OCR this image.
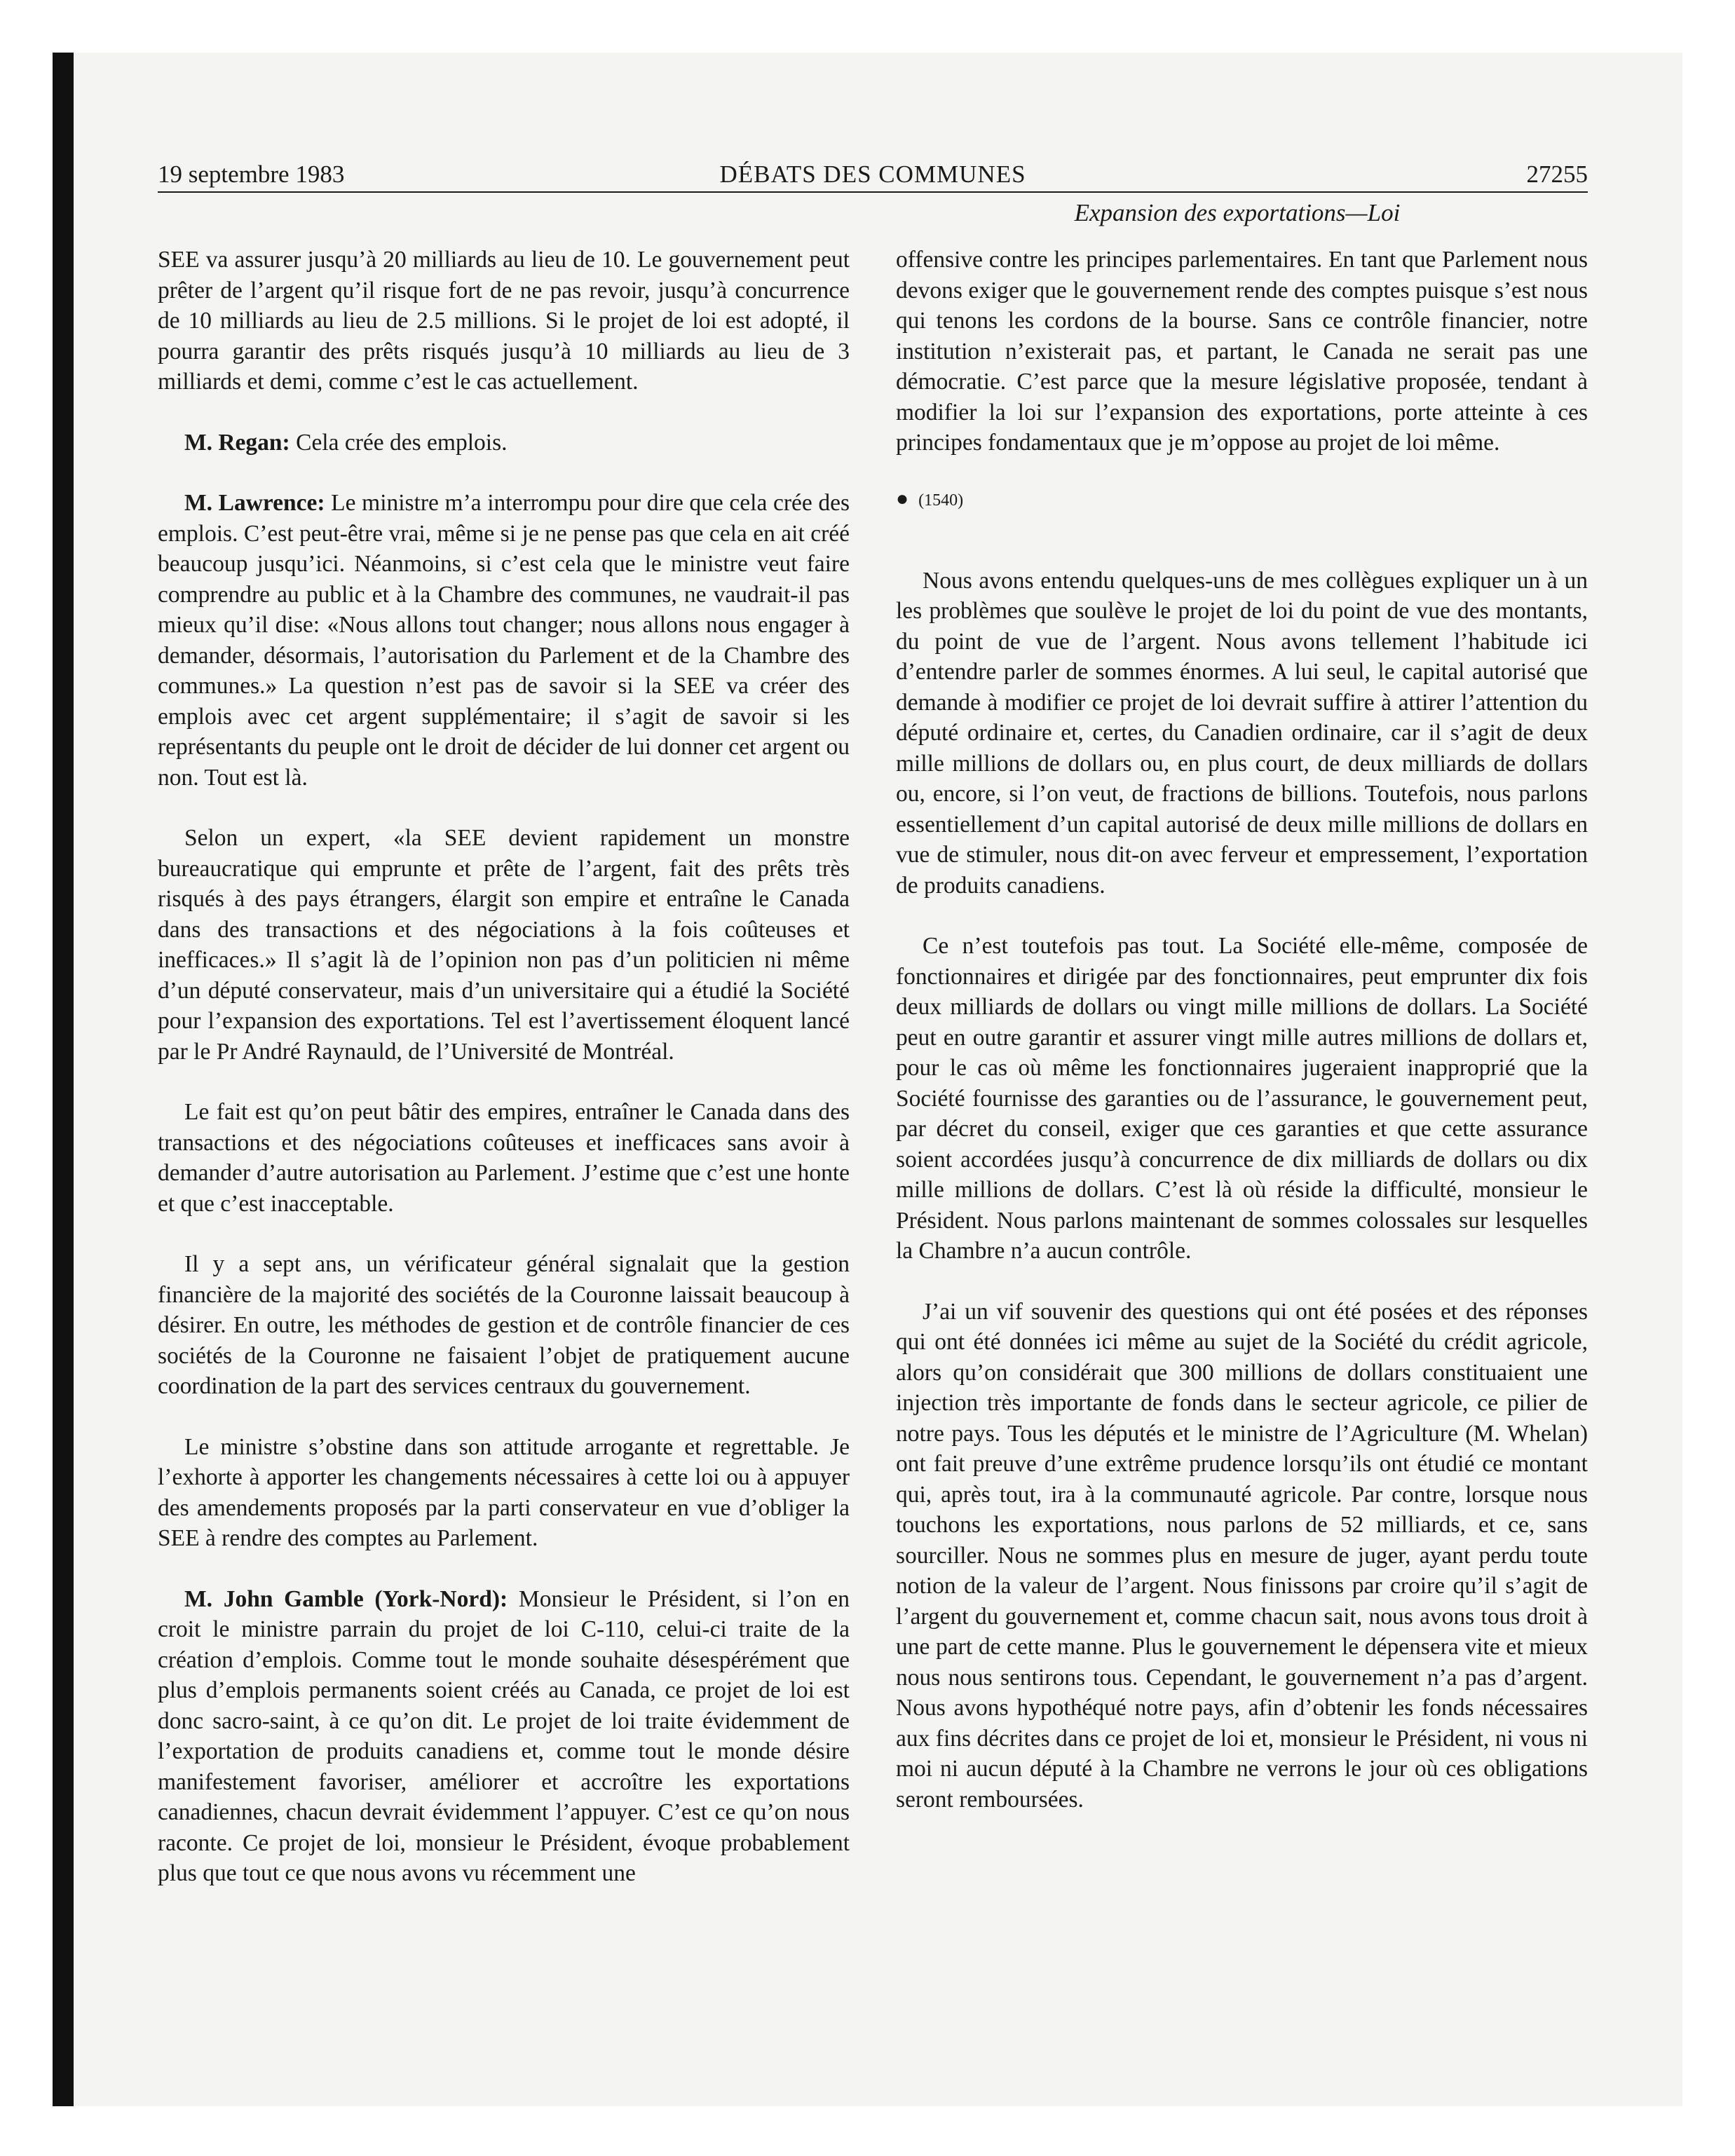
19 septembre 1983	DÉBATS DES COMMUNES	27255
Expansion des exportations—Loi

SEE va assurer jusqu’à 20 milliards au lieu de 10. Le gouvernement peut prêter de l’argent qu’il risque fort de ne pas revoir, jusqu’à concurrence de 10 milliards au lieu de 2.5 millions. Si le projet de loi est adopté, il pourra garantir des prêts risqués jusqu’à 10 milliards au lieu de 3 milliards et demi, comme c’est le cas actuellement.

M. Regan: Cela crée des emplois.

M. Lawrence: Le ministre m’a interrompu pour dire que cela crée des emplois. C’est peut-être vrai, même si je ne pense pas que cela en ait créé beaucoup jusqu’ici. Néanmoins, si c’est cela que le ministre veut faire comprendre au public et à la Chambre des communes, ne vaudrait-il pas mieux qu’il dise: «Nous allons tout changer; nous allons nous engager à demander, désormais, l’autorisation du Parlement et de la Chambre des communes.» La question n’est pas de savoir si la SEE va créer des emplois avec cet argent supplémentaire; il s’agit de savoir si les représentants du peuple ont le droit de décider de lui donner cet argent ou non. Tout est là.

Selon un expert, «la SEE devient rapidement un monstre bureaucratique qui emprunte et prête de l’argent, fait des prêts très risqués à des pays étrangers, élargit son empire et entraîne le Canada dans des transactions et des négociations à la fois coûteuses et inefficaces.» Il s’agit là de l’opinion non pas d’un politicien ni même d’un député conservateur, mais d’un universitaire qui a étudié la Société pour l’expansion des exportations. Tel est l’avertissement éloquent lancé par le Pr André Raynauld, de l’Université de Montréal.

Le fait est qu’on peut bâtir des empires, entraîner le Canada dans des transactions et des négociations coûteuses et inefficaces sans avoir à demander d’autre autorisation au Parlement. J’estime que c’est une honte et que c’est inacceptable.

Il y a sept ans, un vérificateur général signalait que la gestion financière de la majorité des sociétés de la Couronne laissait beaucoup à désirer. En outre, les méthodes de gestion et de contrôle financier de ces sociétés de la Couronne ne faisaient l’objet de pratiquement aucune coordination de la part des services centraux du gouvernement.

Le ministre s’obstine dans son attitude arrogante et regrettable. Je l’exhorte à apporter les changements nécessaires à cette loi ou à appuyer des amendements proposés par la parti conservateur en vue d’obliger la SEE à rendre des comptes au Parlement.

M. John Gamble (York-Nord): Monsieur le Président, si l’on en croit le ministre parrain du projet de loi C-110, celui-ci traite de la création d’emplois. Comme tout le monde souhaite désespérément que plus d’emplois permanents soient créés au Canada, ce projet de loi est donc sacro-saint, à ce qu’on dit. Le projet de loi traite évidemment de l’exportation de produits canadiens et, comme tout le monde désire manifestement favoriser, améliorer et accroître les exportations canadiennes, chacun devrait évidemment l’appuyer. C’est ce qu’on nous raconte. Ce projet de loi, monsieur le Président, évoque probablement plus que tout ce que nous avons vu récemment une

offensive contre les principes parlementaires. En tant que Parlement nous devons exiger que le gouvernement rende des comptes puisque s’est nous qui tenons les cordons de la bourse. Sans ce contrôle financier, notre institution n’existerait pas, et partant, le Canada ne serait pas une démocratie. C’est parce que la mesure législative proposée, tendant à modifier la loi sur l’expansion des exportations, porte atteinte à ces principes fondamentaux que je m’oppose au projet de loi même.

● (1540)

Nous avons entendu quelques-uns de mes collègues expliquer un à un les problèmes que soulève le projet de loi du point de vue des montants, du point de vue de l’argent. Nous avons tellement l’habitude ici d’entendre parler de sommes énormes. A lui seul, le capital autorisé que demande à modifier ce projet de loi devrait suffire à attirer l’attention du député ordinaire et, certes, du Canadien ordinaire, car il s’agit de deux mille millions de dollars ou, en plus court, de deux milliards de dollars ou, encore, si l’on veut, de fractions de billions. Toutefois, nous parlons essentiellement d’un capital autorisé de deux mille millions de dollars en vue de stimuler, nous dit-on avec ferveur et empressement, l’exportation de produits canadiens.

Ce n’est toutefois pas tout. La Société elle-même, composée de fonctionnaires et dirigée par des fonctionnaires, peut emprunter dix fois deux milliards de dollars ou vingt mille millions de dollars. La Société peut en outre garantir et assurer vingt mille autres millions de dollars et, pour le cas où même les fonctionnaires jugeraient inapproprié que la Société fournisse des garanties ou de l’assurance, le gouvernement peut, par décret du conseil, exiger que ces garanties et que cette assurance soient accordées jusqu’à concurrence de dix milliards de dollars ou dix mille millions de dollars. C’est là où réside la difficulté, monsieur le Président. Nous parlons maintenant de sommes colossales sur lesquelles la Chambre n’a aucun contrôle.

J’ai un vif souvenir des questions qui ont été posées et des réponses qui ont été données ici même au sujet de la Société du crédit agricole, alors qu’on considérait que 300 millions de dollars constituaient une injection très importante de fonds dans le secteur agricole, ce pilier de notre pays. Tous les députés et le ministre de l’Agriculture (M. Whelan) ont fait preuve d’une extrême prudence lorsqu’ils ont étudié ce montant qui, après tout, ira à la communauté agricole. Par contre, lorsque nous touchons les exportations, nous parlons de 52 milliards, et ce, sans sourciller. Nous ne sommes plus en mesure de juger, ayant perdu toute notion de la valeur de l’argent. Nous finissons par croire qu’il s’agit de l’argent du gouvernement et, comme chacun sait, nous avons tous droit à une part de cette manne. Plus le gouvernement le dépensera vite et mieux nous nous sentirons tous. Cependant, le gouvernement n’a pas d’argent. Nous avons hypothéqué notre pays, afin d’obtenir les fonds nécessaires aux fins décrites dans ce projet de loi et, monsieur le Président, ni vous ni moi ni aucun député à la Chambre ne verrons le jour où ces obligations seront remboursées.
